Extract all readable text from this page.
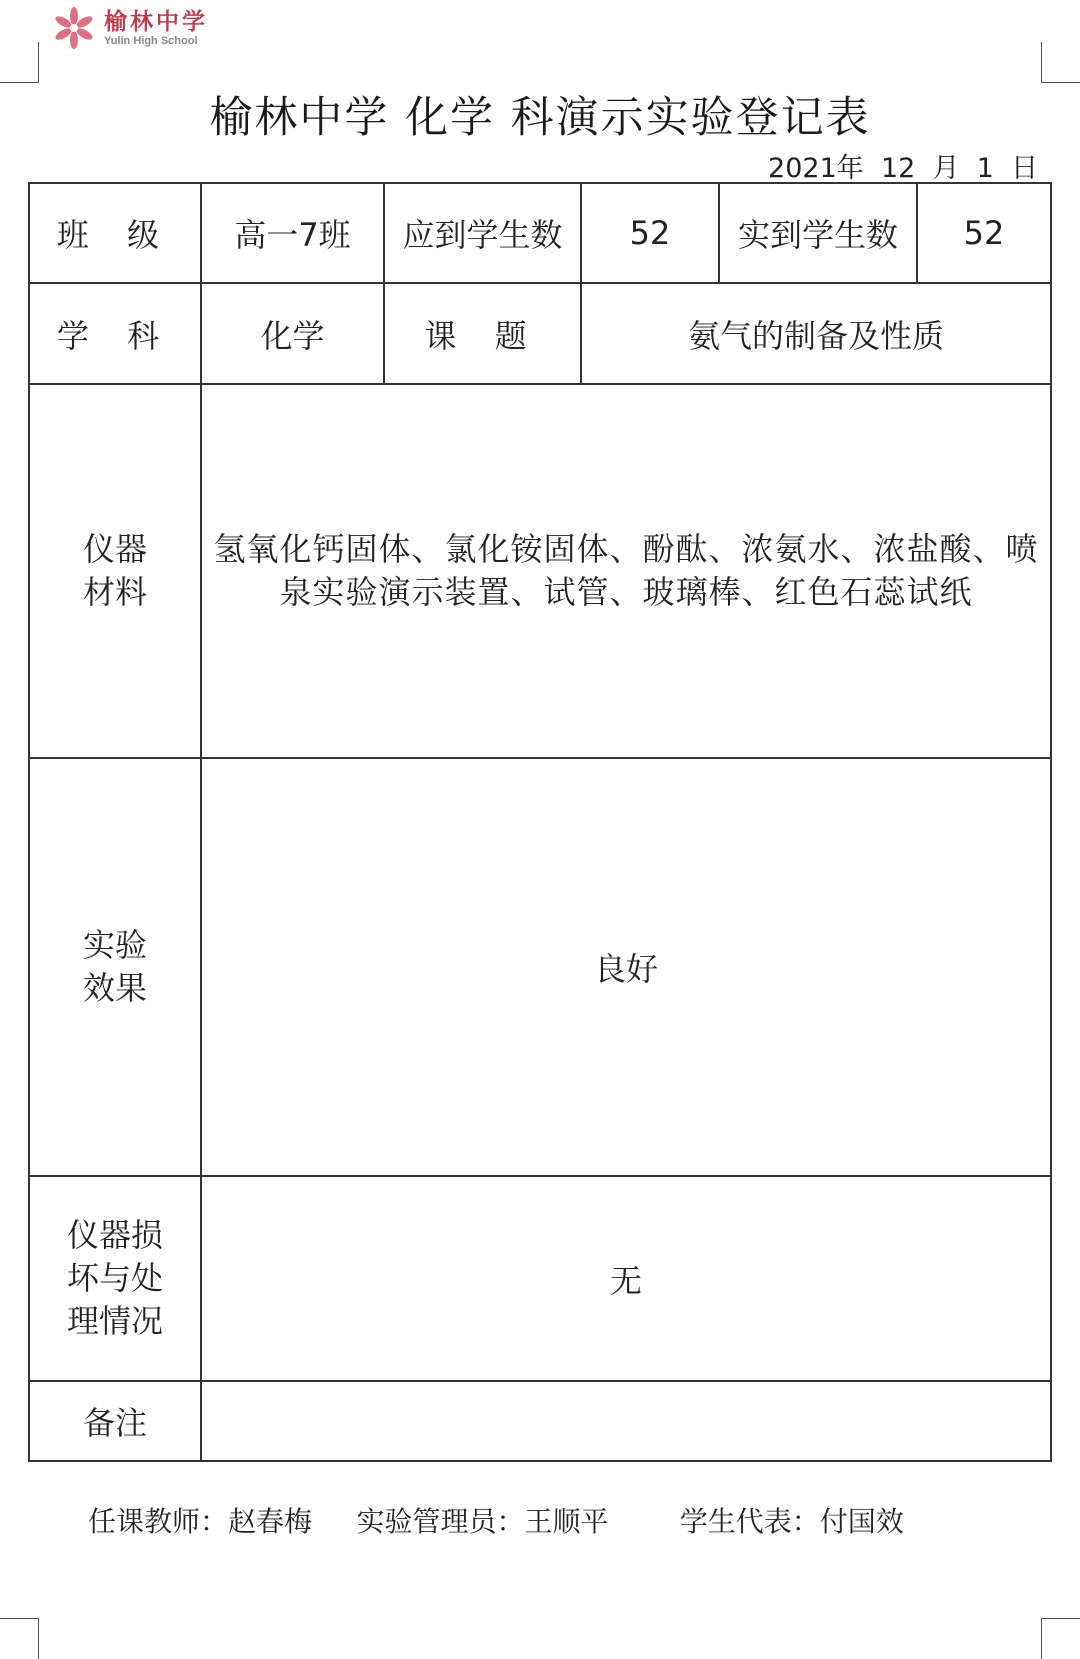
榆林中学
Yulin High School
榆林中学 化学 科演示实验登记表
2021年 12 月 1 日
班 级	高一7班	应到学生数	52	实到学生数	52
学 科	化学	课 题	氨气的制备及性质		

仪器
材料	氢氧化钙固体、氯化铵固体、酚酞、浓氨水、浓盐酸、喷泉实验演示装置、试管、玻璃棒、红色石蕊试纸				

实验
效果	良好				

仪器损
坏与处
理情况	无				
备注					
任课教师：赵春梅 实验管理员：王顺平	学生代表：付国效
